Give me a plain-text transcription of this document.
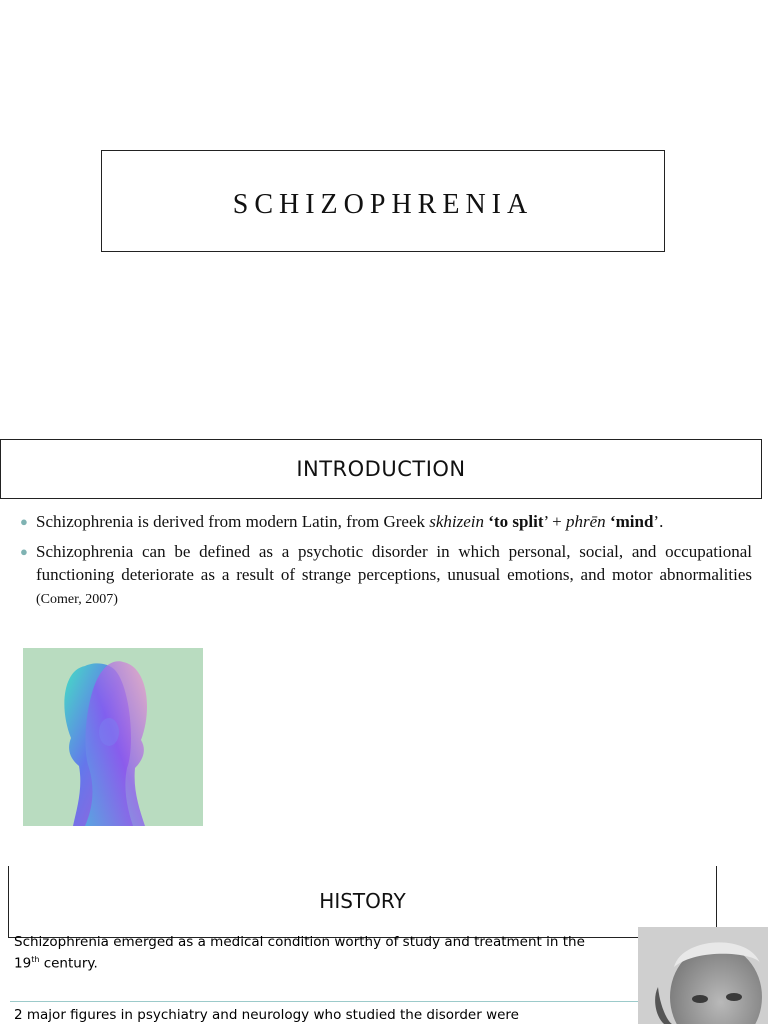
SCHIZOPHRENIA
INTRODUCTION
● Schizophrenia is derived from modern Latin, from Greek skhizein ‘to split’ + phrēn ‘mind’.
● Schizophrenia can be defined as a psychotic disorder in which personal, social, and occupational functioning deteriorate as a result of strange perceptions, unusual emotions, and motor abnormalities (Comer, 2007)
HISTORY
Schizophrenia emerged as a medical condition worthy of study and treatment in the 19th century.
2 major figures in psychiatry and neurology who studied the disorder were
